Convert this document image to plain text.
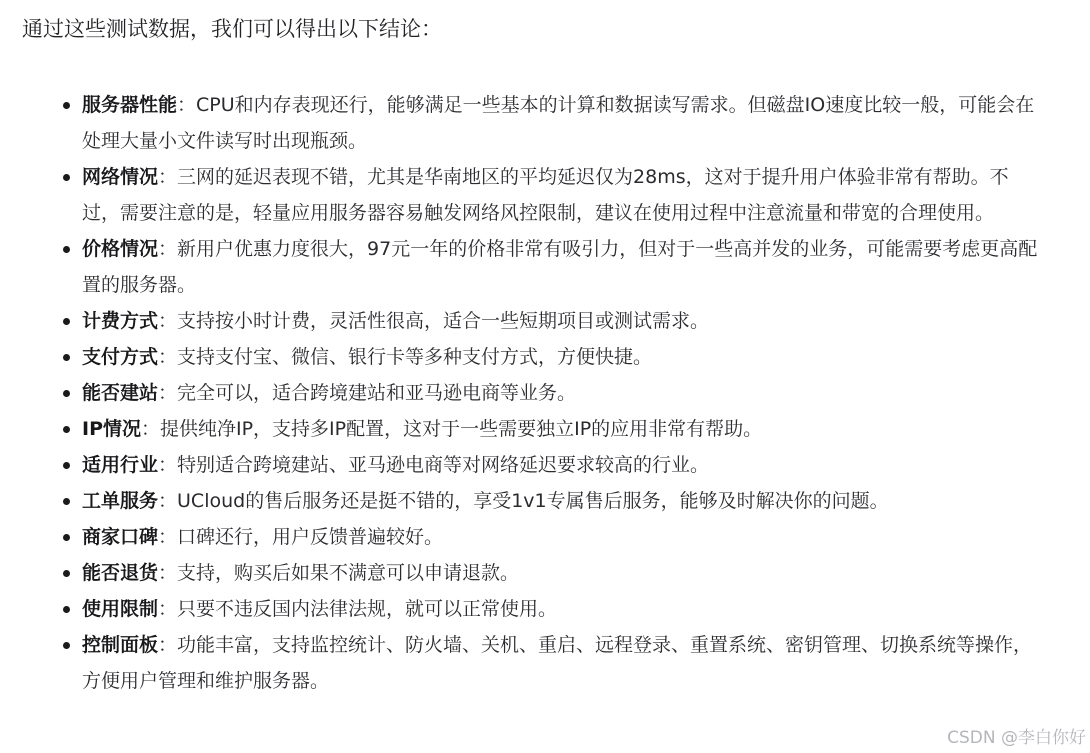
通过这些测试数据，我们可以得出以下结论：

服务器性能：CPU和内存表现还行，能够满足一些基本的计算和数据读写需求。但磁盘IO速度比较一般，可能会在处理大量小文件读写时出现瓶颈。
网络情况：三网的延迟表现不错，尤其是华南地区的平均延迟仅为28ms，这对于提升用户体验非常有帮助。不过，需要注意的是，轻量应用服务器容易触发网络风控限制，建议在使用过程中注意流量和带宽的合理使用。
价格情况：新用户优惠力度很大，97元一年的价格非常有吸引力，但对于一些高并发的业务，可能需要考虑更高配置的服务器。
计费方式：支持按小时计费，灵活性很高，适合一些短期项目或测试需求。
支付方式：支持支付宝、微信、银行卡等多种支付方式，方便快捷。
能否建站：完全可以，适合跨境建站和亚马逊电商等业务。
IP情况：提供纯净IP，支持多IP配置，这对于一些需要独立IP的应用非常有帮助。
适用行业：特别适合跨境建站、亚马逊电商等对网络延迟要求较高的行业。
工单服务：UCloud的售后服务还是挺不错的，享受1v1专属售后服务，能够及时解决你的问题。
商家口碑：口碑还行，用户反馈普遍较好。
能否退货：支持，购买后如果不满意可以申请退款。
使用限制：只要不违反国内法律法规，就可以正常使用。
控制面板：功能丰富，支持监控统计、防火墙、关机、重启、远程登录、重置系统、密钥管理、切换系统等操作，方便用户管理和维护服务器。
CSDN @李白你好
